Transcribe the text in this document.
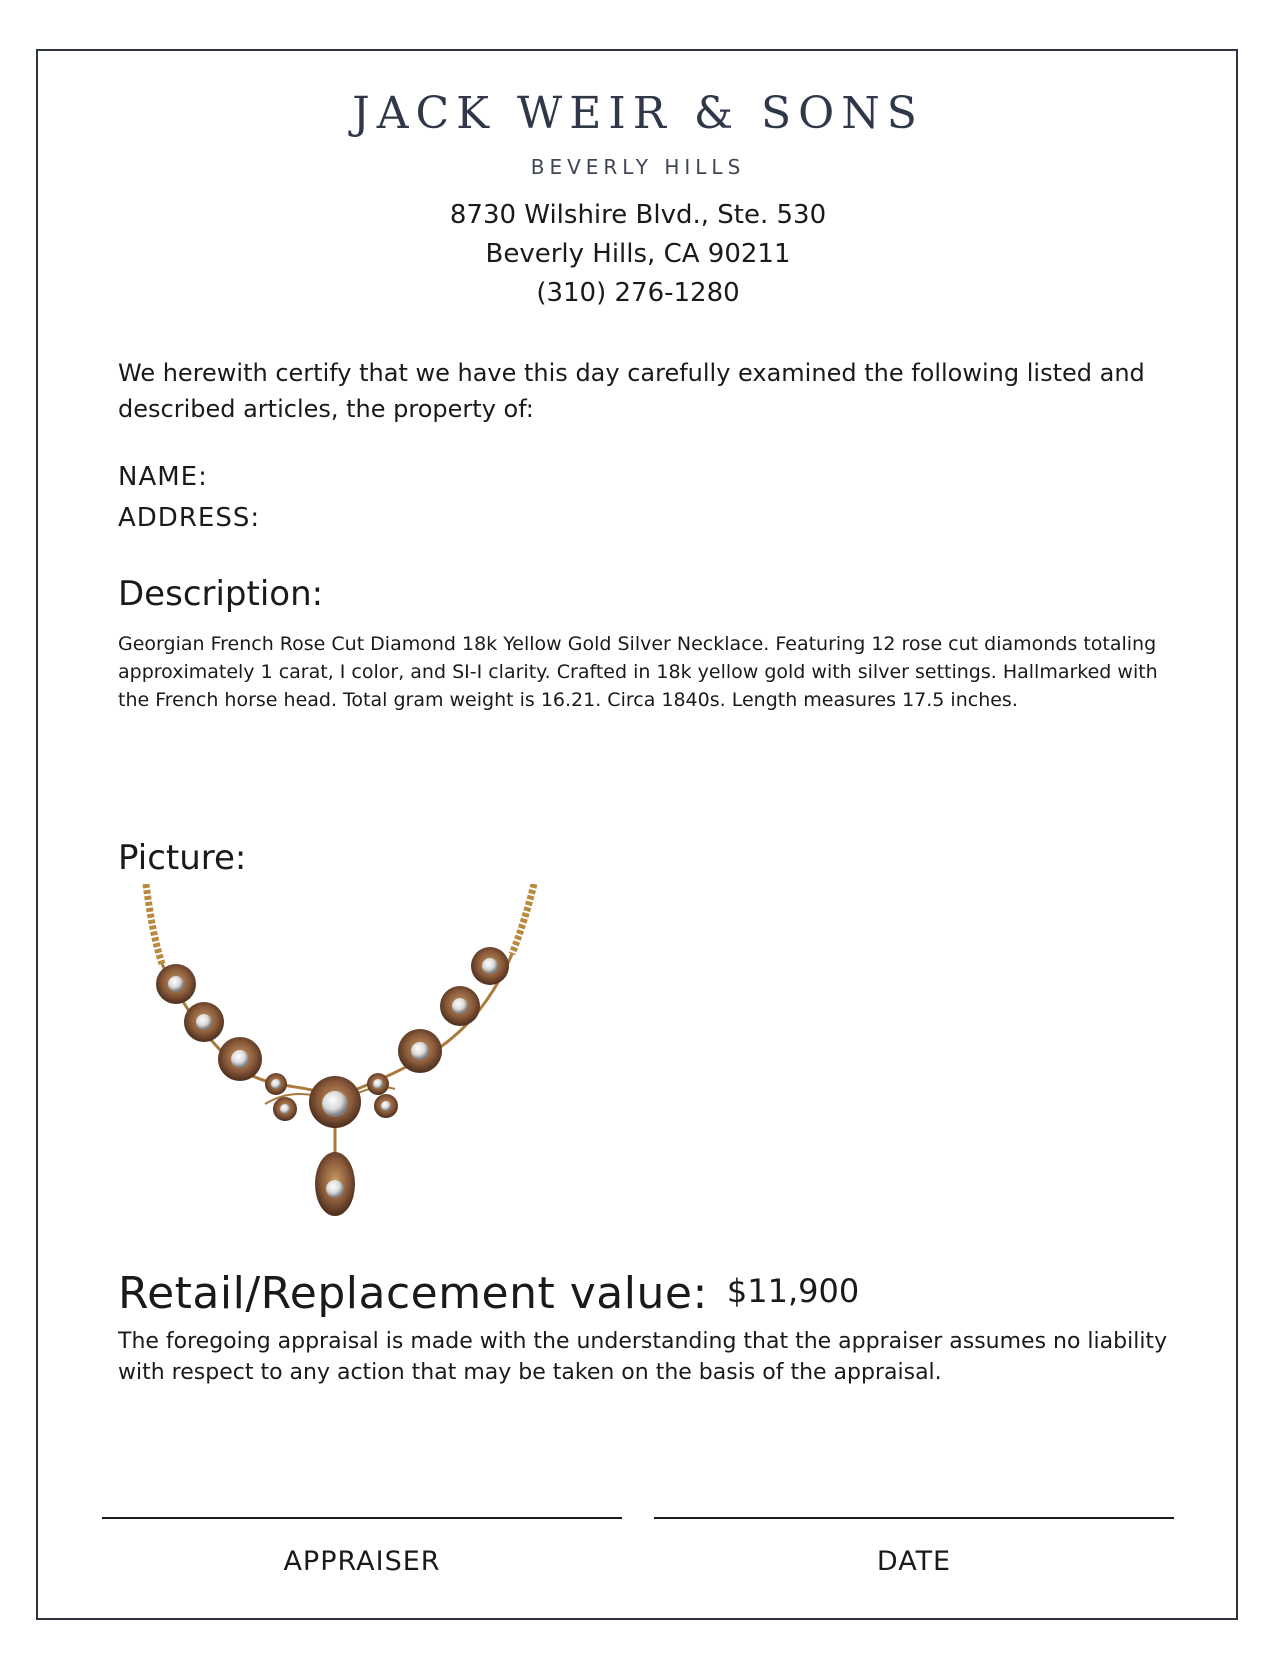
JACK WEIR & SONS
BEVERLY HILLS
8730 Wilshire Blvd., Ste. 530
Beverly Hills, CA 90211
(310) 276-1280
We herewith certify that we have this day carefully examined the following listed and described articles, the property of:
NAME:
ADDRESS:
Description:
Georgian French Rose Cut Diamond 18k Yellow Gold Silver Necklace. Featuring 12 rose cut diamonds totaling approximately 1 carat, I color, and SI-I clarity. Crafted in 18k yellow gold with silver settings. Hallmarked with the French horse head. Total gram weight is 16.21. Circa 1840s. Length measures 17.5 inches.
Picture:
Retail/Replacement value: $11,900
The foregoing appraisal is made with the understanding that the appraiser assumes no liability with respect to any action that may be taken on the basis of the appraisal.
APPRAISER	DATE
